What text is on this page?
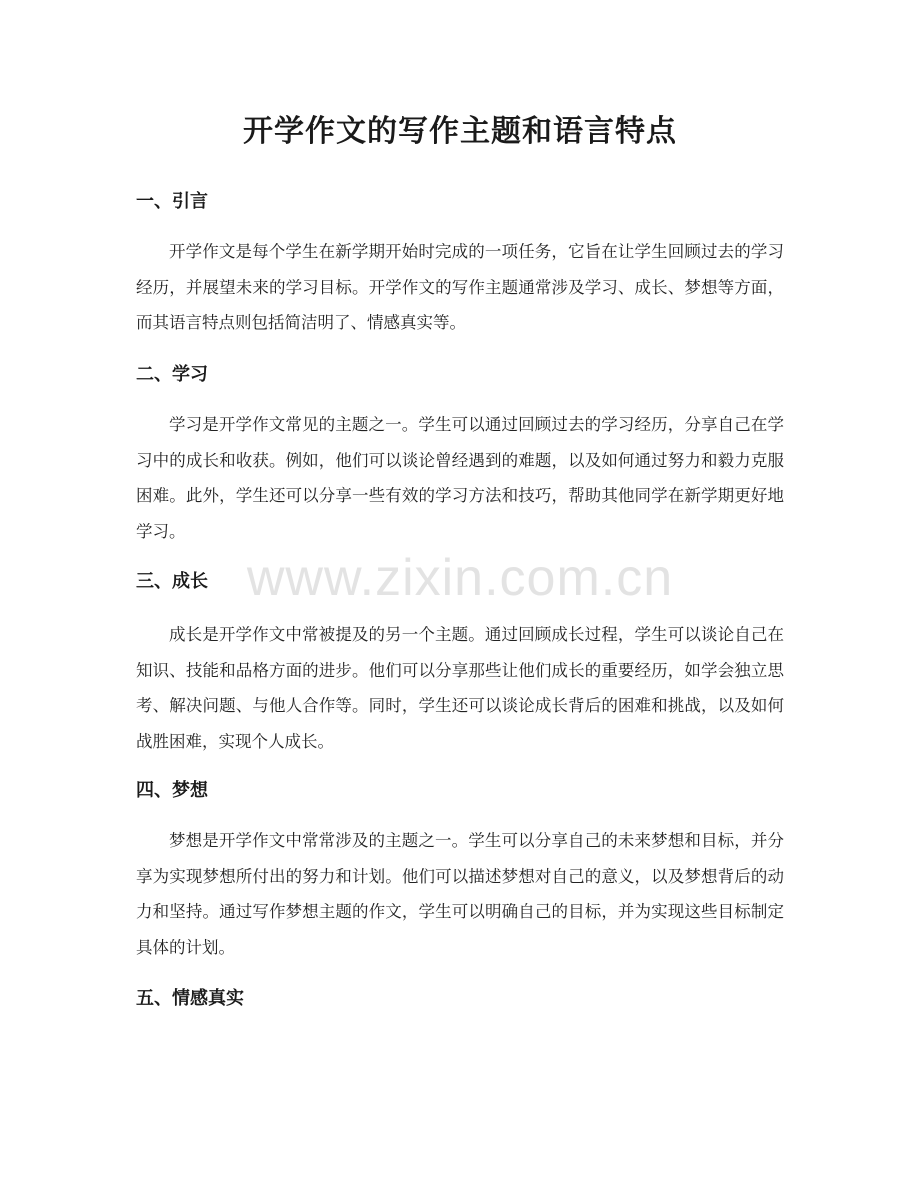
www.zixin.com.cn
开学作文的写作主题和语言特点
一、引言

开学作文是每个学生在新学期开始时完成的一项任务，它旨在让学生回顾过去的学习经历，并展望未来的学习目标。开学作文的写作主题通常涉及学习、成长、梦想等方面，而其语言特点则包括简洁明了、情感真实等。

二、学习

学习是开学作文常见的主题之一。学生可以通过回顾过去的学习经历，分享自己在学习中的成长和收获。例如，他们可以谈论曾经遇到的难题，以及如何通过努力和毅力克服困难。此外，学生还可以分享一些有效的学习方法和技巧，帮助其他同学在新学期更好地学习。

三、成长

成长是开学作文中常被提及的另一个主题。通过回顾成长过程，学生可以谈论自己在知识、技能和品格方面的进步。他们可以分享那些让他们成长的重要经历，如学会独立思考、解决问题、与他人合作等。同时，学生还可以谈论成长背后的困难和挑战，以及如何战胜困难，实现个人成长。

四、梦想

梦想是开学作文中常常涉及的主题之一。学生可以分享自己的未来梦想和目标，并分享为实现梦想所付出的努力和计划。他们可以描述梦想对自己的意义，以及梦想背后的动力和坚持。通过写作梦想主题的作文，学生可以明确自己的目标，并为实现这些目标制定具体的计划。

五、情感真实
